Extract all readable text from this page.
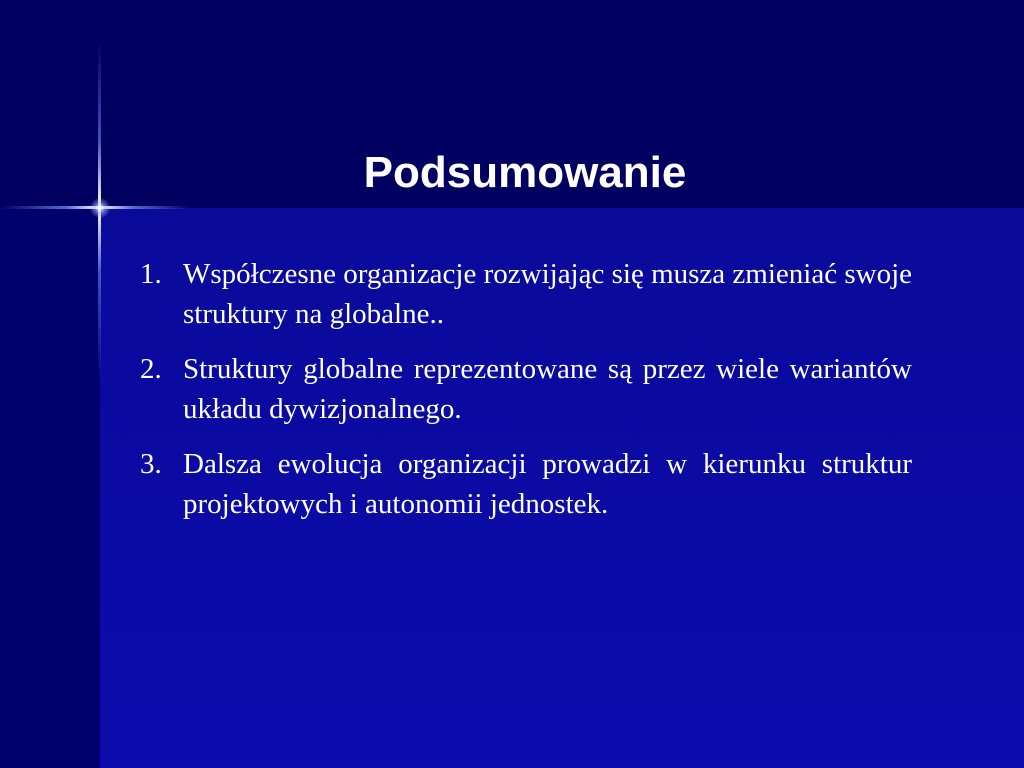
Podsumowanie
1. Współczesne organizacje rozwijając się musza zmieniać swoje struktury na globalne..
2. Struktury globalne reprezentowane są przez wiele wariantów układu dywizjonalnego.
3. Dalsza ewolucja organizacji prowadzi w kierunku struktur projektowych i autonomii jednostek.
